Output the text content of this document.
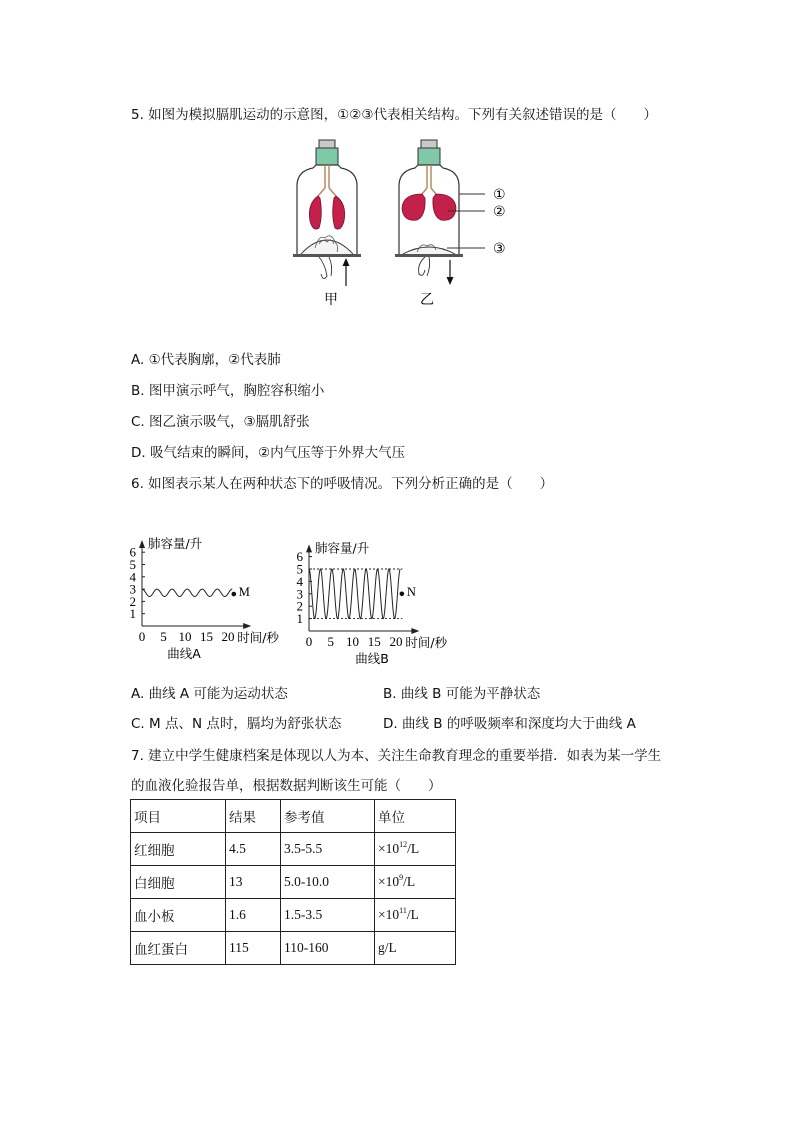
5. 如图为模拟膈肌运动的示意图，①②③代表相关结构。下列有关叙述错误的是（　　）
①
②
③
甲	乙
A. ①代表胸廓，②代表肺
B. 图甲演示呼气，胸腔容积缩小
C. 图乙演示吸气，③膈肌舒张
D. 吸气结束的瞬间，②内气压等于外界大气压
6. 如图表示某人在两种状态下的呼吸情况。下列分析正确的是（　　）
1
2
3
4
5
6
0 5 10 15 20
肺容量/升
时间/秒
曲线A
M
1
2
3
4
5
6
0 5 10 15 20
肺容量/升
时间/秒
曲线B
N
A. 曲线 A 可能为运动状态	B. 曲线 B 可能为平静状态
C. M 点、N 点时，膈均为舒张状态	D. 曲线 B 的呼吸频率和深度均大于曲线 A
7. 建立中学生健康档案是体现以人为本、关注生命教育理念的重要举措．如表为某一学生
的血液化验报告单，根据数据判断该生可能（　　）
项目	结果	参考值	单位
红细胞	4.5	3.5-5.5	$\times 10^{12}/L$
白细胞	13	5.0-10.0	$\times 10^9/L$
血小板	1.6	1.5-3.5	$\times 10^{11}/L$
血红蛋白	115	110-160	g/L
